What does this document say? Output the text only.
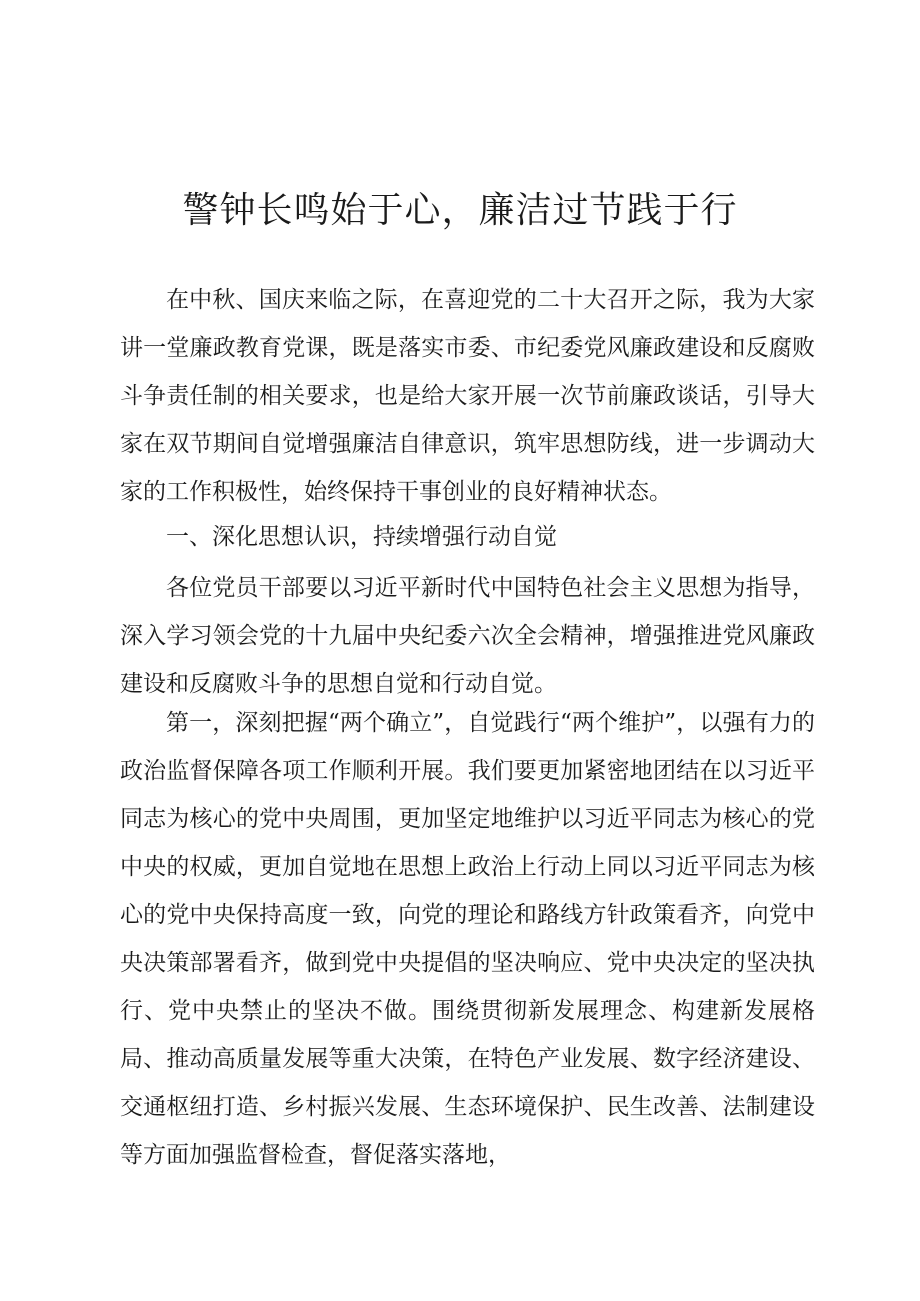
警钟长鸣始于心，廉洁过节践于行

在中秋、国庆来临之际，在喜迎党的二十大召开之际，我为大家讲一堂廉政教育党课，既是落实市委、市纪委党风廉政建设和反腐败斗争责任制的相关要求，也是给大家开展一次节前廉政谈话，引导大家在双节期间自觉增强廉洁自律意识，筑牢思想防线，进一步调动大家的工作积极性，始终保持干事创业的良好精神状态。

一、深化思想认识，持续增强行动自觉

各位党员干部要以习近平新时代中国特色社会主义思想为指导，深入学习领会党的十九届中央纪委六次全会精神，增强推进党风廉政建设和反腐败斗争的思想自觉和行动自觉。

第一，深刻把握“两个确立”，自觉践行“两个维护”，以强有力的政治监督保障各项工作顺利开展。我们要更加紧密地团结在以习近平同志为核心的党中央周围，更加坚定地维护以习近平同志为核心的党中央的权威，更加自觉地在思想上政治上行动上同以习近平同志为核心的党中央保持高度一致，向党的理论和路线方针政策看齐，向党中央决策部署看齐，做到党中央提倡的坚决响应、党中央决定的坚决执行、党中央禁止的坚决不做。围绕贯彻新发展理念、构建新发展格局、推动高质量发展等重大决策，在特色产业发展、数字经济建设、交通枢纽打造、乡村振兴发展、生态环境保护、民生改善、法制建设等方面加强监督检查，督促落实落地，
